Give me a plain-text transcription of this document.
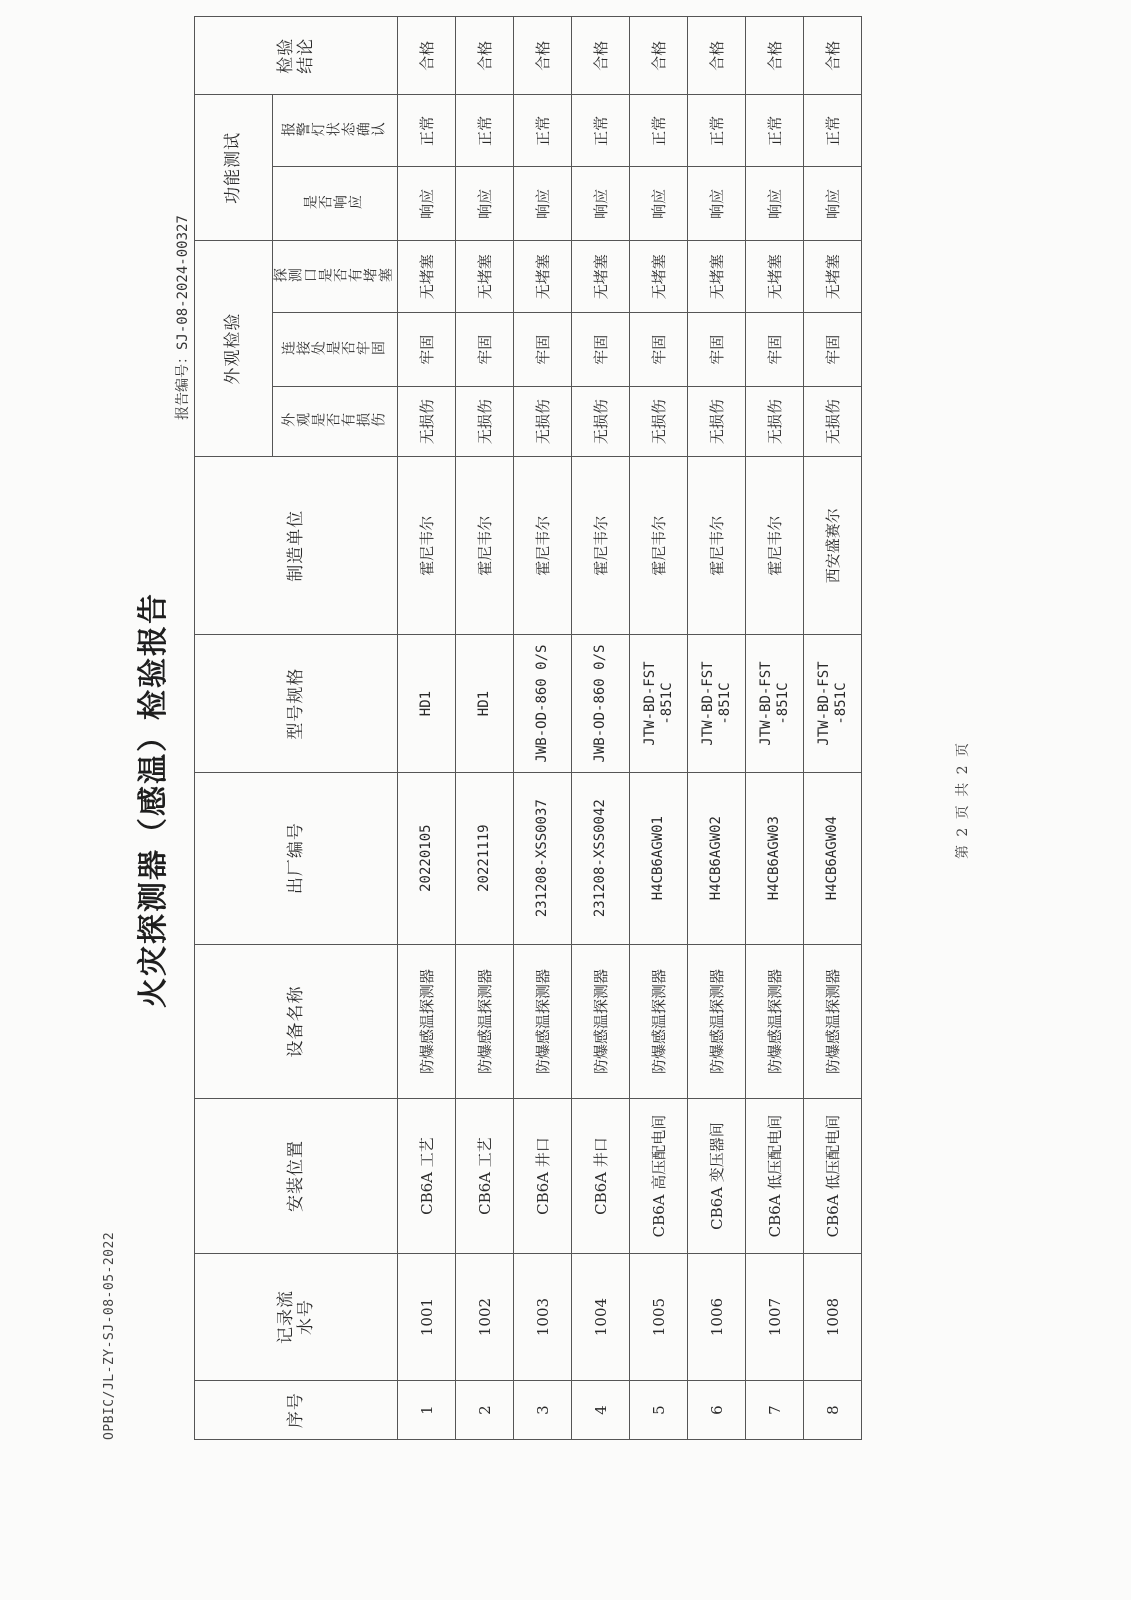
OPBIC/JL-ZY-SJ-08-05-2022
火灾探测器（感温）检验报告
报告编号：SJ-08-2024-00327
序号	记录流水号	安装位置	设备名称	出厂编号	型号规格	制造单位	外观检验			功能测试		检验结论
							外观是否有损伤	连接处是否牢固	探测口是否有堵塞	是否响应	报警灯状态确认	
1	1001	CB6A 工艺	防爆感温探测器	20220105	HD1	霍尼韦尔	无损伤	牢固	无堵塞	响应	正常	合格
2	1002	CB6A 工艺	防爆感温探测器	20221119	HD1	霍尼韦尔	无损伤	牢固	无堵塞	响应	正常	合格
3	1003	CB6A 井口	防爆感温探测器	231208-XSS0037	JWB-OD-860 0/S	霍尼韦尔	无损伤	牢固	无堵塞	响应	正常	合格
4	1004	CB6A 井口	防爆感温探测器	231208-XSS0042	JWB-OD-860 0/S	霍尼韦尔	无损伤	牢固	无堵塞	响应	正常	合格
5	1005	CB6A 高压配电间	防爆感温探测器	H4CB6AGW01	JTW-BD-FST -851C	霍尼韦尔	无损伤	牢固	无堵塞	响应	正常	合格
6	1006	CB6A 变压器间	防爆感温探测器	H4CB6AGW02	JTW-BD-FST -851C	霍尼韦尔	无损伤	牢固	无堵塞	响应	正常	合格
7	1007	CB6A 低压配电间	防爆感温探测器	H4CB6AGW03	JTW-BD-FST -851C	霍尼韦尔	无损伤	牢固	无堵塞	响应	正常	合格
8	1008	CB6A 低压配电间	防爆感温探测器	H4CB6AGW04	JTW-BD-FST -851C	西安盛赛尔	无损伤	牢固	无堵塞	响应	正常	合格
第 2 页 共 2 页
